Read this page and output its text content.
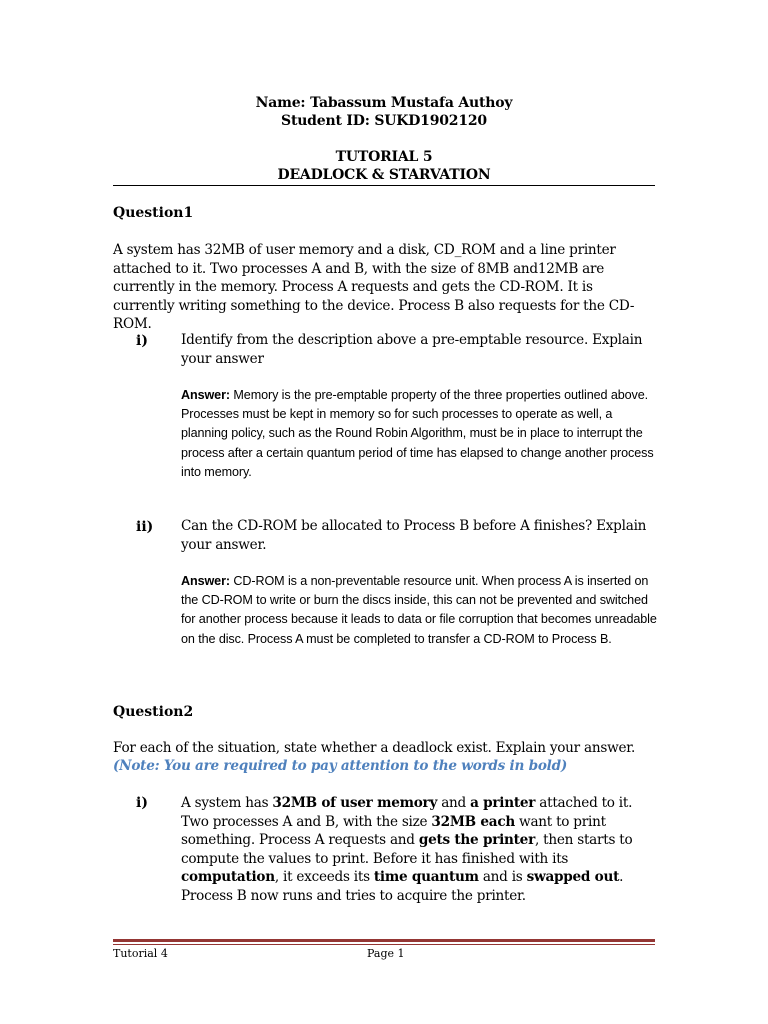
Name: Tabassum Mustafa Authoy
Student ID: SUKD1902120
TUTORIAL 5
DEADLOCK & STARVATION
Question1
A system has 32MB of user memory and a disk, CD_ROM and a line printer attached to it. Two processes A and B, with the size of 8MB and12MB are currently in the memory. Process A requests and gets the CD-ROM. It is currently writing something to the device. Process B also requests for the CD-ROM.
i) Identify from the description above a pre-emptable resource. Explain your answer
Answer: Memory is the pre-emptable property of the three properties outlined above. Processes must be kept in memory so for such processes to operate as well, a planning policy, such as the Round Robin Algorithm, must be in place to interrupt the process after a certain quantum period of time has elapsed to change another process into memory.
ii) Can the CD-ROM be allocated to Process B before A finishes? Explain your answer.
Answer: CD-ROM is a non-preventable resource unit. When process A is inserted on the CD-ROM to write or burn the discs inside, this can not be prevented and switched for another process because it leads to data or file corruption that becomes unreadable on the disc. Process A must be completed to transfer a CD-ROM to Process B.
Question2
For each of the situation, state whether a deadlock exist. Explain your answer.
(Note: You are required to pay attention to the words in bold)
i) A system has 32MB of user memory and a printer attached to it. Two processes A and B, with the size 32MB each want to print something. Process A requests and gets the printer, then starts to compute the values to print. Before it has finished with its computation, it exceeds its time quantum and is swapped out. Process B now runs and tries to acquire the printer.
Tutorial 4	Page 1
